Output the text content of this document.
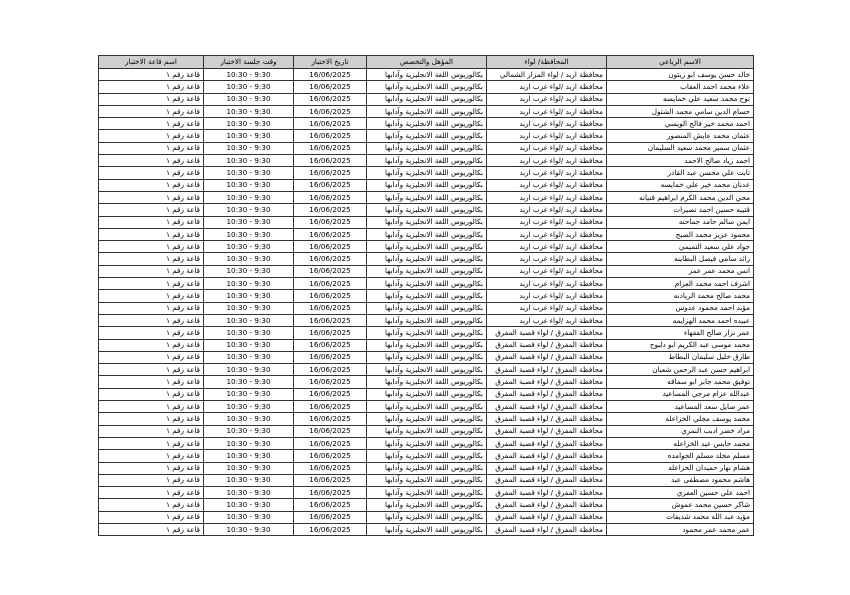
الاسم الرباعي	المحافظة/ لواء	المؤهل والتخصص	تاريخ الاختبار	وقت جلسة الاختبار	اسم قاعة الاختبار
خالد حسن يوسف ابو زيتون	محافظة اربد / لواء المزار الشمالي	بكالوريوس اللغة الانجليزية وآدابها	16/06/2025	9:30 - 10:30	قاعة رقم ١
علاء محمد احمد العقاب	محافظة اربد /لواء غرب اربد	بكالوريوس اللغة الانجليزية وآدابها	16/06/2025	9:30 - 10:30	قاعة رقم ١
نوح محمد سعيد علي خمايسه	محافظة اربد /لواء غرب اربد	بكالوريوس اللغة الانجليزية وآدابها	16/06/2025	9:30 - 10:30	قاعة رقم ١
حسام الدين سامي محمد الشتول	محافظة اربد /لواء غرب اربد	بكالوريوس اللغة الانجليزية وآدابها	16/06/2025	9:30 - 10:30	قاعة رقم ١
احمد محمد خير فالح الويسي	محافظة اربد /لواء غرب اربد	بكالوريوس اللغة الانجليزية وآدابها	16/06/2025	9:30 - 10:30	قاعة رقم ١
عثمان محمد عايش المنصور	محافظة اربد /لواء غرب اربد	بكالوريوس اللغة الانجليزية وآدابها	16/06/2025	9:30 - 10:30	قاعة رقم ١
عثمان سمير محمد سعيد السليمان	محافظة اربد /لواء غرب اربد	بكالوريوس اللغة الانجليزية وآدابها	16/06/2025	9:30 - 10:30	قاعة رقم ١
احمد زياد صالح الاحمد	محافظة اربد /لواء غرب اربد	بكالوريوس اللغة الانجليزية وآدابها	16/06/2025	9:30 - 10:30	قاعة رقم ١
ثابت علي محسن عبد القادر	محافظة اربد /لواء غرب اربد	بكالوريوس اللغة الانجليزية وآدابها	16/06/2025	9:30 - 10:30	قاعة رقم ١
عدنان محمد خير علي خمايسه	محافظة اربد /لواء غرب اربد	بكالوريوس اللغة الانجليزية وآدابها	16/06/2025	9:30 - 10:30	قاعة رقم ١
محي الدين محمد الكرم ابراهيم قنيانه	محافظة اربد /لواء غرب اربد	بكالوريوس اللغة الانجليزية وآدابها	16/06/2025	9:30 - 10:30	قاعة رقم ١
قتيبه حسين احمد نصيرات	محافظة اربد /لواء غرب اربد	بكالوريوس اللغة الانجليزية وآدابها	16/06/2025	9:30 - 10:30	قاعة رقم ١
ايمن سالم حامد جماحنه	محافظة اربد /لواء غرب اربد	بكالوريوس اللغة الانجليزية وآدابها	16/06/2025	9:30 - 10:30	قاعة رقم ١
محمود عزيز محمد الصبح	محافظة اربد /لواء غرب اربد	بكالوريوس اللغة الانجليزية وآدابها	16/06/2025	9:30 - 10:30	قاعة رقم ١
جواد علي سعيد التميمي	محافظة اربد /لواء غرب اربد	بكالوريوس اللغة الانجليزية وآدابها	16/06/2025	9:30 - 10:30	قاعة رقم ١
زائد سامي فيصل البطاينه	محافظة اربد /لواء غرب اربد	بكالوريوس اللغة الانجليزية وآدابها	16/06/2025	9:30 - 10:30	قاعة رقم ١
انس محمد عمر عمر	محافظة اربد /لواء غرب اربد	بكالوريوس اللغة الانجليزية وآدابها	16/06/2025	9:30 - 10:30	قاعة رقم ١
اشرف احمد محمد العزام	محافظة اربد /لواء غرب اربد	بكالوريوس اللغة الانجليزية وآدابها	16/06/2025	9:30 - 10:30	قاعة رقم ١
محمد صالح محمد الزيادنه	محافظة اربد /لواء غرب اربد	بكالوريوس اللغة الانجليزية وآدابها	16/06/2025	9:30 - 10:30	قاعة رقم ١
مؤيد احمد محمود عدوس	محافظة اربد /لواء غرب اربد	بكالوريوس اللغة الانجليزية وآدابها	16/06/2025	9:30 - 10:30	قاعة رقم ١
عبيده احمد محمد الهزايمه	محافظة اربد /لواء غرب اربد	بكالوريوس اللغة الانجليزية وآدابها	16/06/2025	9:30 - 10:30	قاعة رقم ١
عمر نزار صالح الفقهاء	محافظة المفرق / لواء قصبة المفرق	بكالوريوس اللغة الانجليزية وآدابها	16/06/2025	9:30 - 10:30	قاعة رقم ١
محمد موسى عبد الكريم ابو دلبوح	محافظة المفرق / لواء قصبة المفرق	بكالوريوس اللغة الانجليزية وآدابها	16/06/2025	9:30 - 10:30	قاعة رقم ١
طارق خليل سليمان البطاط	محافظة المفرق / لواء قصبة المفرق	بكالوريوس اللغة الانجليزية وآدابها	16/06/2025	9:30 - 10:30	قاعة رقم ١
ابراهيم حسن عبد الرحمن شعبان	محافظة المفرق / لواء قصبة المفرق	بكالوريوس اللغة الانجليزية وآدابها	16/06/2025	9:30 - 10:30	قاعة رقم ١
توفيق محمد جابر ابو سماقه	محافظة المفرق / لواء قصبة المفرق	بكالوريوس اللغة الانجليزية وآدابها	16/06/2025	9:30 - 10:30	قاعة رقم ١
عبدالله عزام مرجي المساعيد	محافظة المفرق / لواء قصبة المفرق	بكالوريوس اللغة الانجليزية وآدابها	16/06/2025	9:30 - 10:30	قاعة رقم ١
عمر صايل سعد المساعيد	محافظة المفرق / لواء قصبة المفرق	بكالوريوس اللغة الانجليزية وآدابها	16/06/2025	9:30 - 10:30	قاعة رقم ١
محمد يوسف مجلي الخزاعله	محافظة المفرق / لواء قصبة المفرق	بكالوريوس اللغة الانجليزية وآدابها	16/06/2025	9:30 - 10:30	قاعة رقم ١
مراد خضر اديب النمري	محافظة المفرق / لواء قصبة المفرق	بكالوريوس اللغة الانجليزية وآدابها	16/06/2025	9:30 - 10:30	قاعة رقم ١
محمد حابس عيد الخزاعله	محافظة المفرق / لواء قصبة المفرق	بكالوريوس اللغة الانجليزية وآدابها	16/06/2025	9:30 - 10:30	قاعة رقم ١
مسلم مخلد مسلم الجوامده	محافظة المفرق / لواء قصبة المفرق	بكالوريوس اللغة الانجليزية وآدابها	16/06/2025	9:30 - 10:30	قاعة رقم ١
هشام نهار حميدان الخزاعله	محافظة المفرق / لواء قصبة المفرق	بكالوريوس اللغة الانجليزية وآدابها	16/06/2025	9:30 - 10:30	قاعة رقم ١
هاشم محمود مصطفى عبد	محافظة المفرق / لواء قصبة المفرق	بكالوريوس اللغة الانجليزية وآدابها	16/06/2025	9:30 - 10:30	قاعة رقم ١
احمد علي حسين العفري	محافظة المفرق / لواء قصبة المفرق	بكالوريوس اللغة الانجليزية وآدابها	16/06/2025	9:30 - 10:30	قاعة رقم ١
شاكر حسين محمد عموش	محافظة المفرق / لواء قصبة المفرق	بكالوريوس اللغة الانجليزية وآدابها	16/06/2025	9:30 - 10:30	قاعة رقم ١
مؤيد عبد الله محمد شديفات	محافظة المفرق / لواء قصبة المفرق	بكالوريوس اللغة الانجليزية وآدابها	16/06/2025	9:30 - 10:30	قاعة رقم ١
عمر محمد عمر محمود	محافظة المفرق / لواء قصبة المفرق	بكالوريوس اللغة الانجليزية وآدابها	16/06/2025	9:30 - 10:30	قاعة رقم ١
